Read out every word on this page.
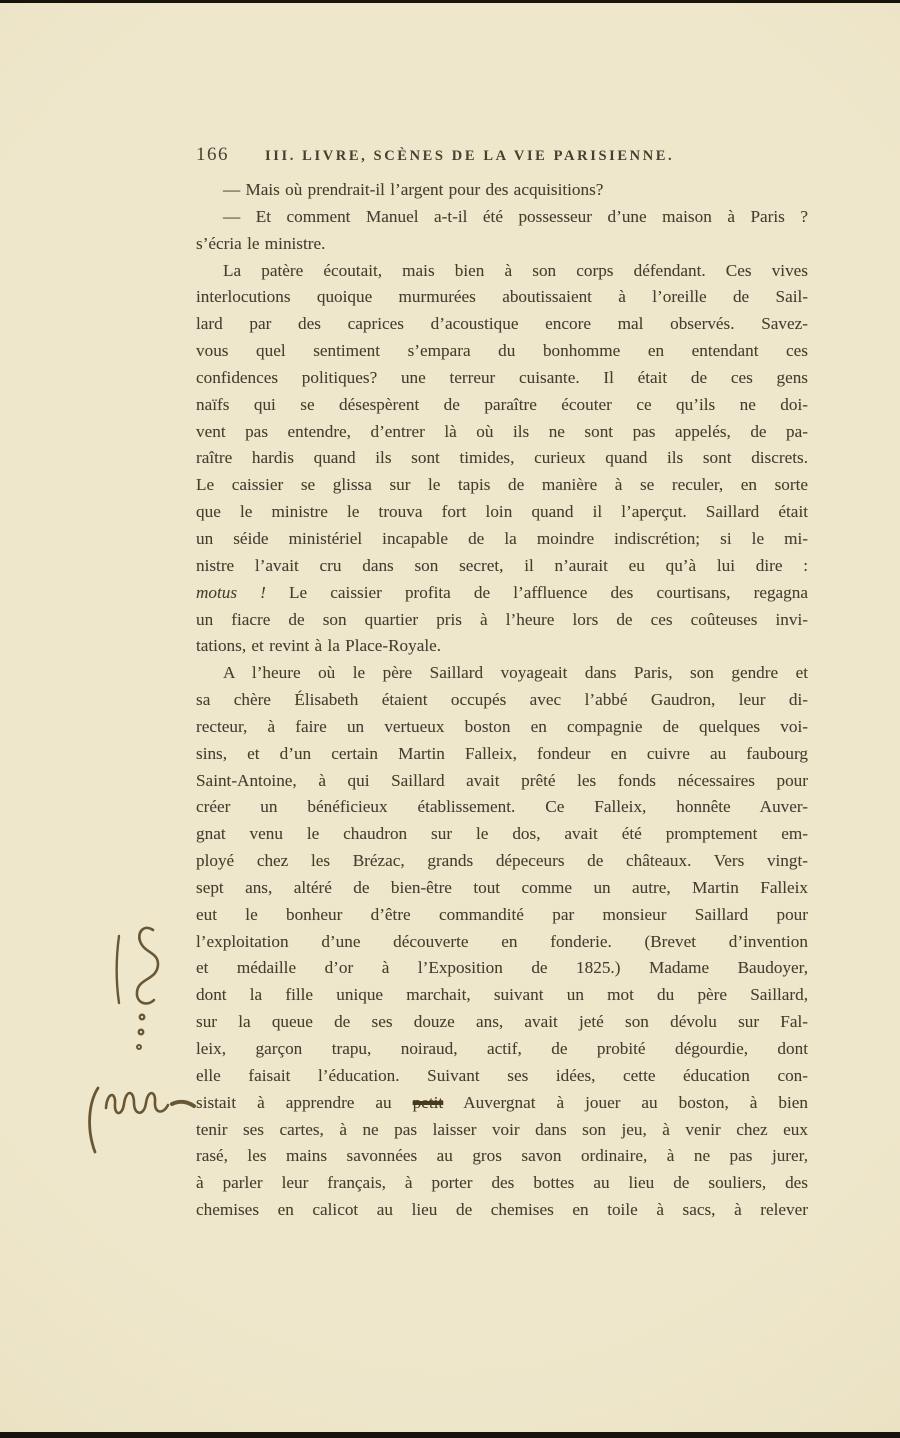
166 III. LIVRE, SCÈNES DE LA VIE PARISIENNE.
— Mais où prendrait-il l’argent pour des acquisitions?
— Et comment Manuel a-t-il été possesseur d’une maison à Paris ?
s’écria le ministre.
La patère écoutait, mais bien à son corps défendant. Ces vives
interlocutions quoique murmurées aboutissaient à l’oreille de Sail-
lard par des caprices d’acoustique encore mal observés. Savez-
vous quel sentiment s’empara du bonhomme en entendant ces
confidences politiques? une terreur cuisante. Il était de ces gens
naïfs qui se désespèrent de paraître écouter ce qu’ils ne doi-
vent pas entendre, d’entrer là où ils ne sont pas appelés, de pa-
raître hardis quand ils sont timides, curieux quand ils sont discrets.
Le caissier se glissa sur le tapis de manière à se reculer, en sorte
que le ministre le trouva fort loin quand il l’aperçut. Saillard était
un séide ministériel incapable de la moindre indiscrétion; si le mi-
nistre l’avait cru dans son secret, il n’aurait eu qu’à lui dire :
motus ! Le caissier profita de l’affluence des courtisans, regagna
un fiacre de son quartier pris à l’heure lors de ces coûteuses invi-
tations, et revint à la Place-Royale.
A l’heure où le père Saillard voyageait dans Paris, son gendre et
sa chère Élisabeth étaient occupés avec l’abbé Gaudron, leur di-
recteur, à faire un vertueux boston en compagnie de quelques voi-
sins, et d’un certain Martin Falleix, fondeur en cuivre au faubourg
Saint-Antoine, à qui Saillard avait prêté les fonds nécessaires pour
créer un bénéficieux établissement. Ce Falleix, honnête Auver-
gnat venu le chaudron sur le dos, avait été promptement em-
ployé chez les Brézac, grands dépeceurs de châteaux. Vers vingt-
sept ans, altéré de bien-être tout comme un autre, Martin Falleix
eut le bonheur d’être commandité par monsieur Saillard pour
l’exploitation d’une découverte en fonderie. (Brevet d’invention
et médaille d’or à l’Exposition de 1825.) Madame Baudoyer,
dont la fille unique marchait, suivant un mot du père Saillard,
sur la queue de ses douze ans, avait jeté son dévolu sur Fal-
leix, garçon trapu, noiraud, actif, de probité dégourdie, dont
elle faisait l’éducation. Suivant ses idées, cette éducation con-
sistait à apprendre au petit Auvergnat à jouer au boston, à bien
tenir ses cartes, à ne pas laisser voir dans son jeu, à venir chez eux
rasé, les mains savonnées au gros savon ordinaire, à ne pas jurer,
à parler leur français, à porter des bottes au lieu de souliers, des
chemises en calicot au lieu de chemises en toile à sacs, à relever
